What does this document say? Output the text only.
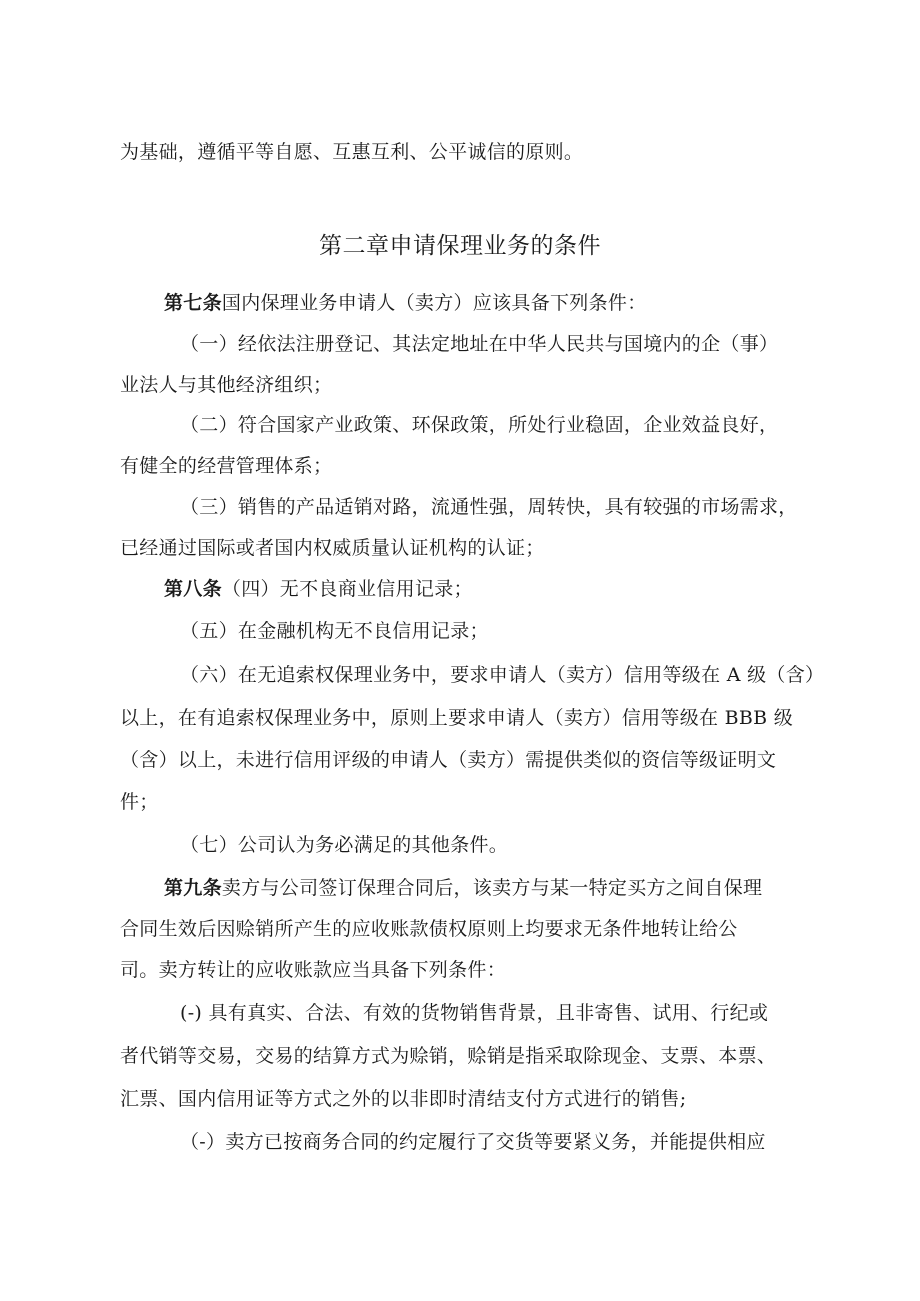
为基础，遵循平等自愿、互惠互利、公平诚信的原则。
第二章申请保理业务的条件
第七条国内保理业务申请人（卖方）应该具备下列条件：
（一）经依法注册登记、其法定地址在中华人民共与国境内的企（事）
业法人与其他经济组织；
（二）符合国家产业政策、环保政策，所处行业稳固，企业效益良好，
有健全的经营管理体系；
（三）销售的产品适销对路，流通性强，周转快，具有较强的市场需求，
已经通过国际或者国内权威质量认证机构的认证；
第八条（四）无不良商业信用记录；
（五）在金融机构无不良信用记录；
（六）在无追索权保理业务中，要求申请人（卖方）信用等级在 A 级（含）
以上，在有追索权保理业务中，原则上要求申请人（卖方）信用等级在 BBB 级
（含）以上，未进行信用评级的申请人（卖方）需提供类似的资信等级证明文
件；
（七）公司认为务必满足的其他条件。
第九条卖方与公司签订保理合同后，该卖方与某一特定买方之间自保理
合同生效后因赊销所产生的应收账款债权原则上均要求无条件地转让给公
司。卖方转让的应收账款应当具备下列条件：
(-) 具有真实、合法、有效的货物销售背景，且非寄售、试用、行纪或
者代销等交易，交易的结算方式为赊销，赊销是指采取除现金、支票、本票、
汇票、国内信用证等方式之外的以非即时清结支付方式进行的销售;
（-）卖方已按商务合同的约定履行了交货等要紧义务，并能提供相应
